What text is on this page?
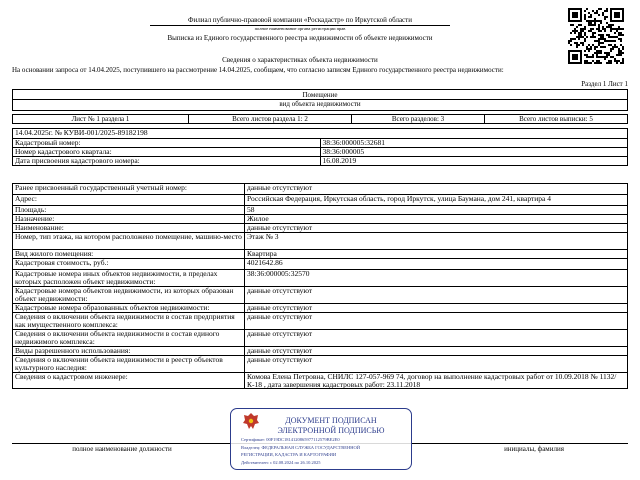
Филиал публично-правовой компании «Роскадастр» по Иркутской области
полное наименование органа регистрации прав
Выписка из Единого государственного реестра недвижимости об объекте недвижимости
Сведения о характеристиках объекта недвижимости
На основании запроса от 14.04.2025, поступившего на рассмотрение 14.04.2025, сообщаем, что согласно записям Единого государственного реестра недвижимости:
Раздел 1 Лист 1
Помещение
вид объекта недвижимости
Лист № 1 раздела 1	Всего листов раздела 1: 2	Всего разделов: 3	Всего листов выписки: 5
14.04.2025г. № КУВИ-001/2025-89182198	
Кадастровый номер:	38:36:000005:32681
Номер кадастрового квартала:	38:36:000005
Дата присвоения кадастрового номера:	16.08.2019
Ранее присвоенный государственный учетный номер:	данные отсутствуют
Адрес:	Российская Федерация, Иркутская область, город Иркутск, улица Баумана, дом 241, квартира 4
Площадь:	58
Назначение:	Жилое
Наименование:	данные отсутствуют
Номер, тип этажа, на котором расположено помещение, машино-место	Этаж № 3
Вид жилого помещения:	Квартира
Кадастровая стоимость, руб.:	4021642.86
Кадастровые номера иных объектов недвижимости, в пределах которых расположен объект недвижимости:	38:36:000005:32570
Кадастровые номера объектов недвижимости, из которых образован объект недвижимости:	данные отсутствуют
Кадастровые номера образованных объектов недвижимости:	данные отсутствуют
Сведения о включении объекта недвижимости в состав предприятия как имущественного комплекса:	данные отсутствуют
Сведения о включении объекта недвижимости в состав единого недвижимого комплекса:	данные отсутствуют
Виды разрешенного использования:	данные отсутствуют
Сведения о включении объекта недвижимости в реестр объектов культурного наследия:	данные отсутствуют
Сведения о кадастровом инженере:	Комова Елена Петровна, СНИЛС 127-057-969 74, договор на выполнение кадастровых работ от 10.09.2018 № 1132/К-18 , дата завершения кадастровых работ: 23.11.2018
полное наименование должности	инициалы, фамилия
ДОКУМЕНТ ПОДПИСАН
ЭЛЕКТРОННОЙ ПОДПИСЬЮ
Сертификат: 00F19DC1814120865977112579BE2E0
Владелец: ФЕДЕРАЛЬНАЯ СЛУЖБА ГОСУДАРСТВЕННОЙ
РЕГИСТРАЦИИ, КАДАСТРА И КАРТОГРАФИИ
Действителен: с 02.08.2024 по 26.10.2025
